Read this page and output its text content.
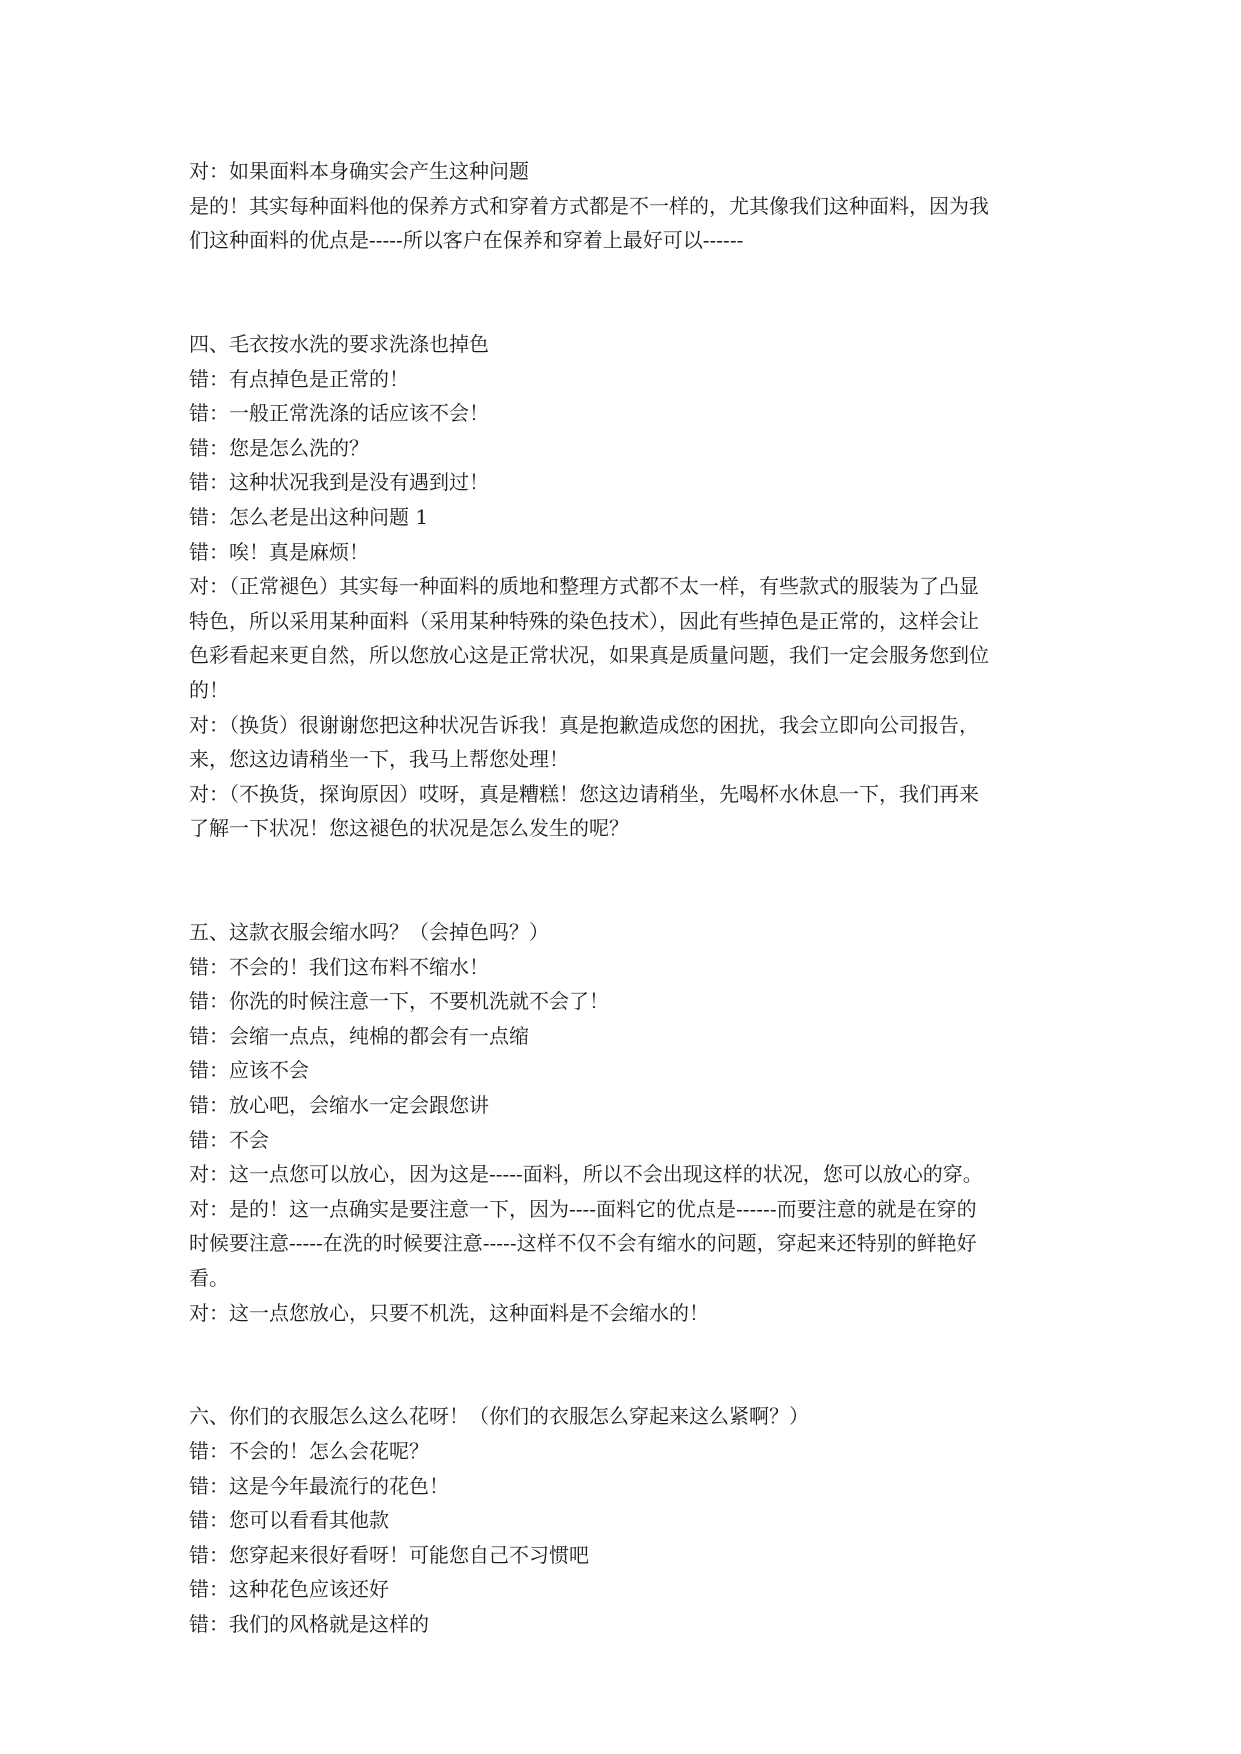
对：如果面料本身确实会产生这种问题
是的！其实每种面料他的保养方式和穿着方式都是不一样的，尤其像我们这种面料，因为我
们这种面料的优点是-----所以客户在保养和穿着上最好可以------
四、毛衣按水洗的要求洗涤也掉色
错：有点掉色是正常的！
错：一般正常洗涤的话应该不会！
错：您是怎么洗的？
错：这种状况我到是没有遇到过！
错：怎么老是出这种问题 1
错：唉！真是麻烦！
对：（正常褪色）其实每一种面料的质地和整理方式都不太一样，有些款式的服装为了凸显
特色，所以采用某种面料（采用某种特殊的染色技术），因此有些掉色是正常的，这样会让
色彩看起来更自然，所以您放心这是正常状况，如果真是质量问题，我们一定会服务您到位
的！
对：（换货）很谢谢您把这种状况告诉我！真是抱歉造成您的困扰，我会立即向公司报告，
来，您这边请稍坐一下，我马上帮您处理！
对：（不换货，探询原因）哎呀，真是糟糕！您这边请稍坐，先喝杯水休息一下，我们再来
了解一下状况！您这褪色的状况是怎么发生的呢？
五、这款衣服会缩水吗？（会掉色吗？）
错：不会的！我们这布料不缩水！
错：你洗的时候注意一下，不要机洗就不会了！
错：会缩一点点，纯棉的都会有一点缩
错：应该不会
错：放心吧，会缩水一定会跟您讲
错：不会
对：这一点您可以放心，因为这是-----面料，所以不会出现这样的状况，您可以放心的穿。
对：是的！这一点确实是要注意一下，因为----面料它的优点是------而要注意的就是在穿的
时候要注意-----在洗的时候要注意-----这样不仅不会有缩水的问题，穿起来还特别的鲜艳好
看。
对：这一点您放心，只要不机洗，这种面料是不会缩水的！
六、你们的衣服怎么这么花呀！（你们的衣服怎么穿起来这么紧啊？）
错：不会的！怎么会花呢？
错：这是今年最流行的花色！
错：您可以看看其他款
错：您穿起来很好看呀！可能您自己不习惯吧
错：这种花色应该还好
错：我们的风格就是这样的
